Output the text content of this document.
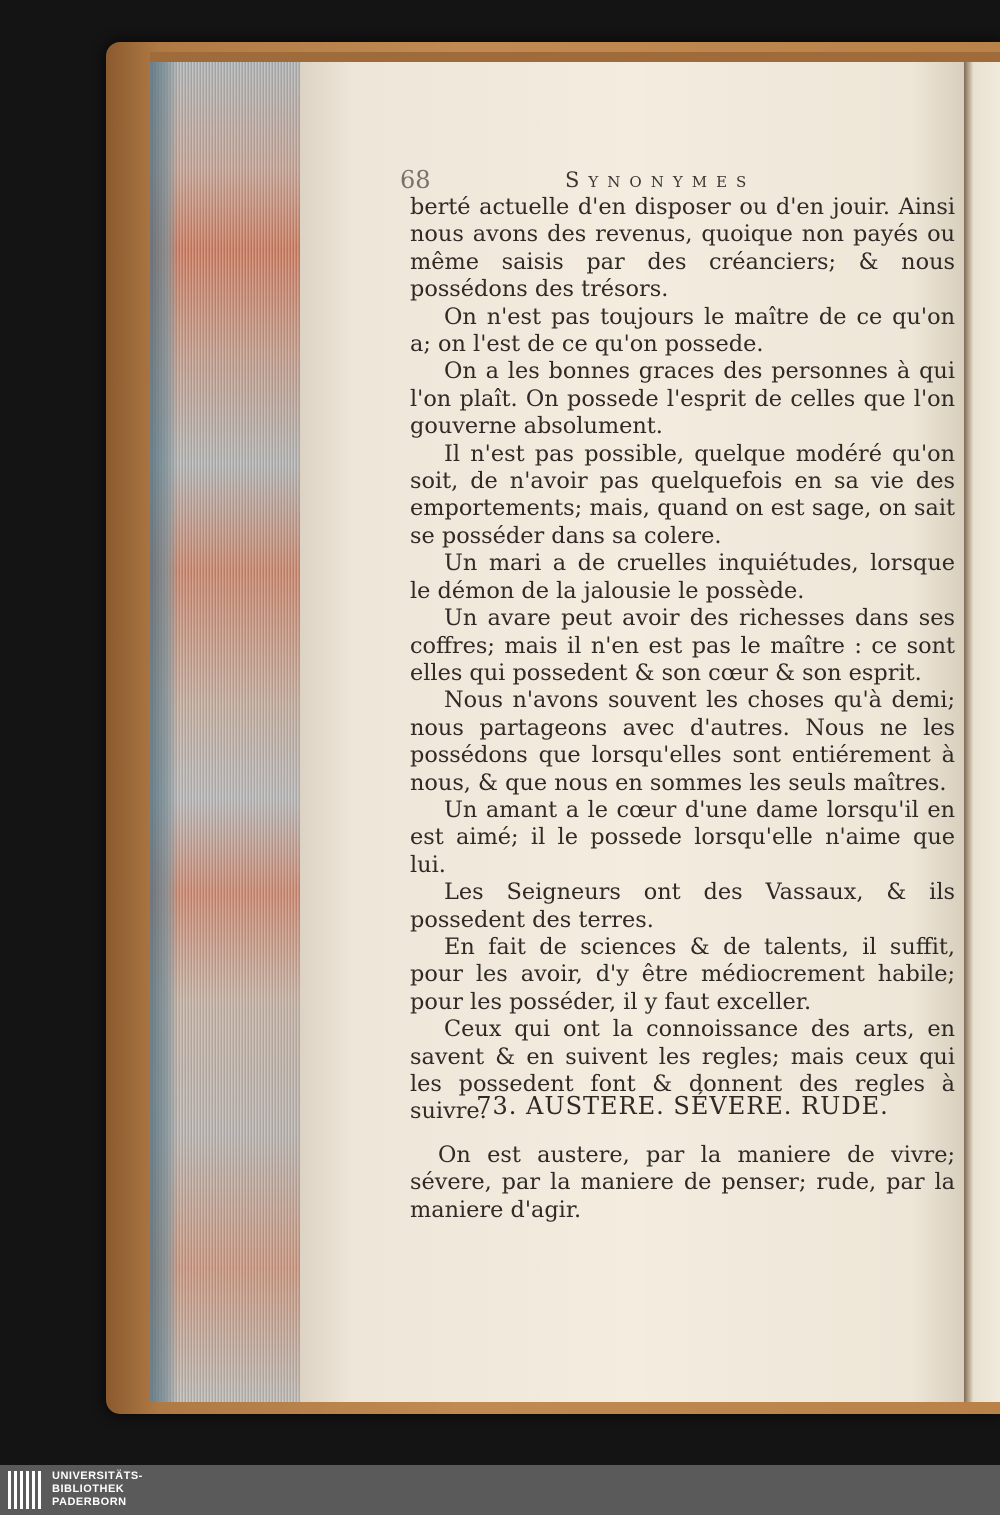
68	Synonymes

berté actuelle d'en disposer ou d'en jouir. Ainsi nous avons des revenus, quoique non payés ou même saisis par des créanciers; & nous possédons des trésors.

On n'est pas toujours le maître de ce qu'on a; on l'est de ce qu'on possede.

On a les bonnes graces des personnes à qui l'on plaît. On possede l'esprit de celles que l'on gouverne absolument.

Il n'est pas possible, quelque modéré qu'on soit, de n'avoir pas quelquefois en sa vie des emportements; mais, quand on est sage, on sait se posséder dans sa colere.

Un mari a de cruelles inquiétudes, lorsque le démon de la jalousie le possède.

Un avare peut avoir des richesses dans ses coffres; mais il n'en est pas le maître : ce sont elles qui possedent & son cœur & son esprit.

Nous n'avons souvent les choses qu'à demi; nous partageons avec d'autres. Nous ne les possédons que lorsqu'elles sont entiérement à nous, & que nous en sommes les seuls maîtres.

Un amant a le cœur d'une dame lorsqu'il en est aimé; il le possede lorsqu'elle n'aime que lui.

Les Seigneurs ont des Vassaux, & ils possedent des terres.

En fait de sciences & de talents, il suffit, pour les avoir, d'y être médiocrement habile; pour les posséder, il y faut exceller.

Ceux qui ont la connoissance des arts, en savent & en suivent les regles; mais ceux qui les possedent font & donnent des regles à suivre.

73. AUSTERE. SÉVERE. RUDE.

On est austere, par la maniere de vivre; sévere, par la maniere de penser; rude, par la maniere d'agir.

UNIVERSITÄTS-
BIBLIOTHEK
PADERBORN
